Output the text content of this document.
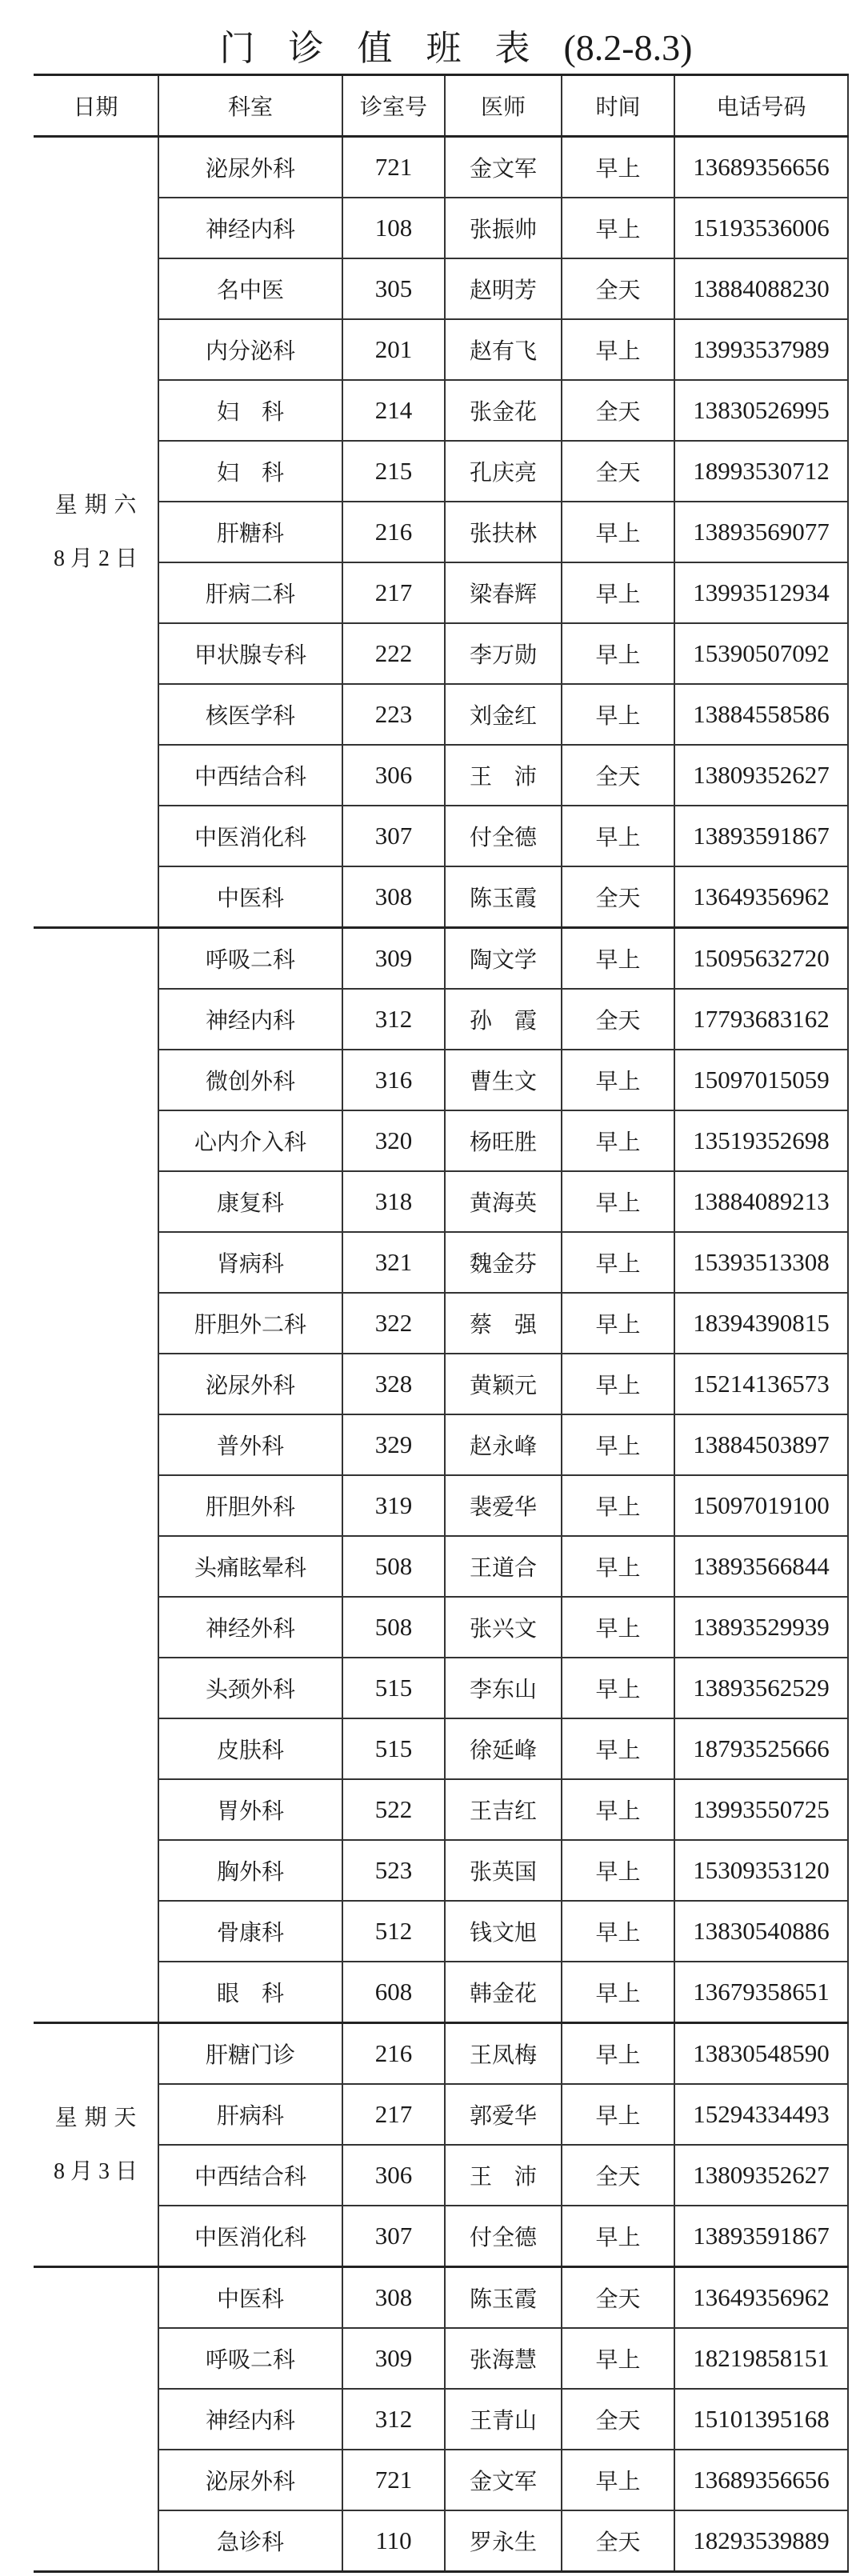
门 诊 值 班 表 (8.2-8.3)
日期	科室	诊室号	医师	时间	电话号码

星 期 六
8 月 2 日	泌尿外科	721	金文军	早上	13689356656
	神经内科	108	张振帅	早上	15193536006
	名中医	305	赵明芳	全天	13884088230
	内分泌科	201	赵有飞	早上	13993537989
	妇　科	214	张金花	全天	13830526995
	妇　科	215	孔庆亮	全天	18993530712
	肝糖科	216	张扶林	早上	13893569077
	肝病二科	217	梁春辉	早上	13993512934
	甲状腺专科	222	李万勋	早上	15390507092
	核医学科	223	刘金红	早上	13884558586
	中西结合科	306	王　沛	全天	13809352627
	中医消化科	307	付全德	早上	13893591867
	中医科	308	陈玉霞	全天	13649356962

	呼吸二科	309	陶文学	早上	15095632720
	神经内科	312	孙　霞	全天	17793683162
	微创外科	316	曹生文	早上	15097015059
	心内介入科	320	杨旺胜	早上	13519352698
	康复科	318	黄海英	早上	13884089213
	肾病科	321	魏金芬	早上	15393513308
	肝胆外二科	322	蔡　强	早上	18394390815
	泌尿外科	328	黄颖元	早上	15214136573
	普外科	329	赵永峰	早上	13884503897
	肝胆外科	319	裴爱华	早上	15097019100
	头痛眩晕科	508	王道合	早上	13893566844
	神经外科	508	张兴文	早上	13893529939
	头颈外科	515	李东山	早上	13893562529
	皮肤科	515	徐延峰	早上	18793525666
	胃外科	522	王吉红	早上	13993550725
	胸外科	523	张英国	早上	15309353120
	骨康科	512	钱文旭	早上	13830540886
	眼　科	608	韩金花	早上	13679358651

星 期 天
8 月 3 日	肝糖门诊	216	王凤梅	早上	13830548590
	肝病科	217	郭爱华	早上	15294334493
	中西结合科	306	王　沛	全天	13809352627
	中医消化科	307	付全德	早上	13893591867

	中医科	308	陈玉霞	全天	13649356962
	呼吸二科	309	张海慧	早上	18219858151
	神经内科	312	王青山	全天	15101395168
	泌尿外科	721	金文军	早上	13689356656
	急诊科	110	罗永生	全天	18293539889
